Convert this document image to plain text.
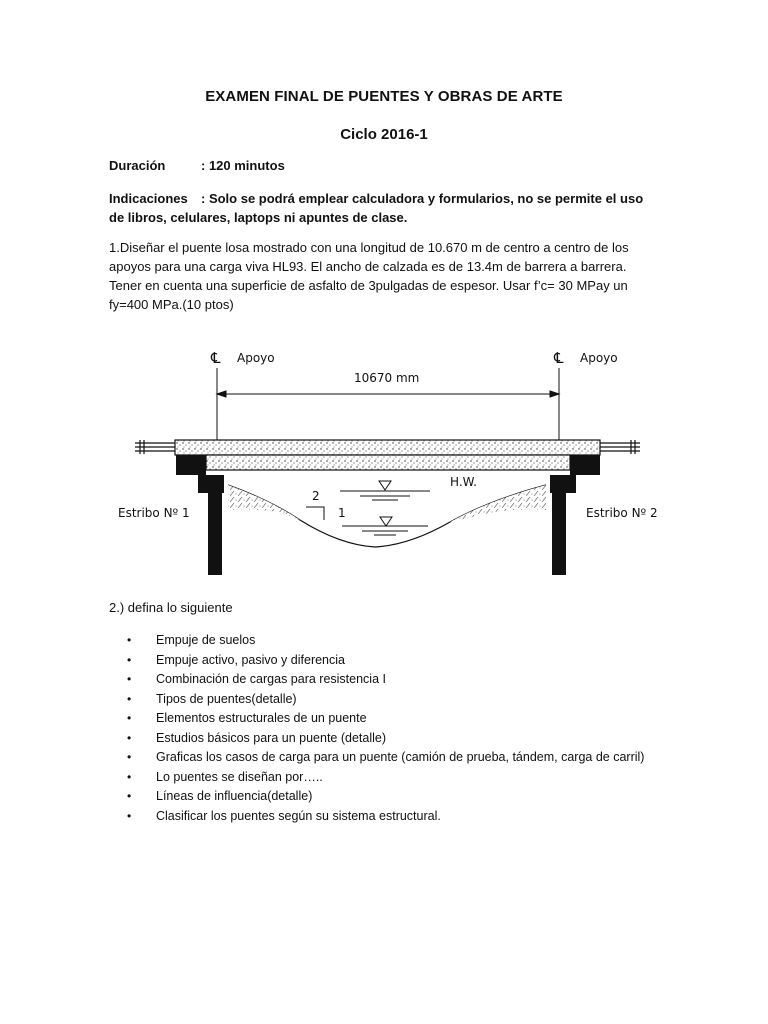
EXAMEN FINAL DE PUENTES Y OBRAS DE ARTE
Ciclo 2016-1
Duración	: 120 minutos
Indicaciones : Solo se podrá emplear calculadora y formularios, no se permite el uso de libros, celulares, laptops ni apuntes de clase.
1.Diseñar el puente losa mostrado con una longitud de 10.670 m de centro a centro de los apoyos para una carga viva HL93. El ancho de calzada es de 13.4m de barrera a barrera. Tener en cuenta una superficie de asfalto de 3pulgadas de espesor. Usar f’c= 30 MPay un fy=400 MPa.(10 ptos)
℄ Apoyo	℄ Apoyo
10670 mm
H.W.
2
1
Estribo Nº 1	Estribo Nº 2
2.) defina lo siguiente
• Empuje de suelos
• Empuje activo, pasivo y diferencia
• Combinación de cargas para resistencia I
• Tipos de puentes(detalle)
• Elementos estructurales de un puente
• Estudios básicos para un puente (detalle)
• Graficas los casos de carga para un puente (camión de prueba, tándem, carga de carril)
• Lo puentes se diseñan por…..
• Líneas de influencia(detalle)
• Clasificar los puentes según su sistema estructural.
